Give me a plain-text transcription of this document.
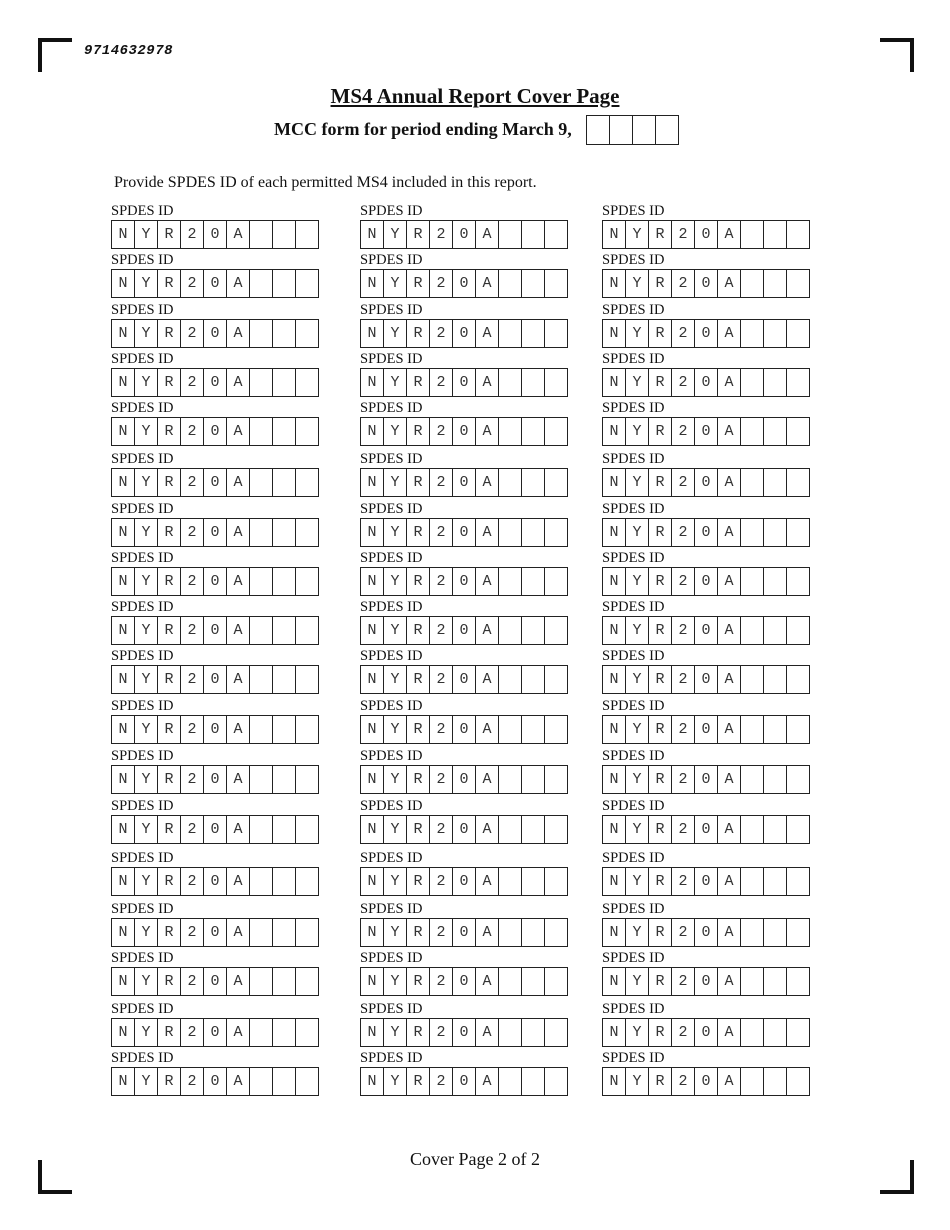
9714632978
MS4 Annual Report Cover Page
MCC form for period ending March 9,
Provide SPDES ID of each permitted MS4 included in this report.
SPDES ID
N Y R 2 0 A
SPDES ID
N Y R 2 0 A
SPDES ID
N Y R 2 0 A
SPDES ID
N Y R 2 0 A
SPDES ID
N Y R 2 0 A
SPDES ID
N Y R 2 0 A
SPDES ID
N Y R 2 0 A
SPDES ID
N Y R 2 0 A
SPDES ID
N Y R 2 0 A
SPDES ID
N Y R 2 0 A
SPDES ID
N Y R 2 0 A
SPDES ID
N Y R 2 0 A
SPDES ID
N Y R 2 0 A
SPDES ID
N Y R 2 0 A
SPDES ID
N Y R 2 0 A
SPDES ID
N Y R 2 0 A
SPDES ID
N Y R 2 0 A
SPDES ID
N Y R 2 0 A
SPDES ID
N Y R 2 0 A
SPDES ID
N Y R 2 0 A
SPDES ID
N Y R 2 0 A
SPDES ID
N Y R 2 0 A
SPDES ID
N Y R 2 0 A
SPDES ID
N Y R 2 0 A
SPDES ID
N Y R 2 0 A
SPDES ID
N Y R 2 0 A
SPDES ID
N Y R 2 0 A
SPDES ID
N Y R 2 0 A
SPDES ID
N Y R 2 0 A
SPDES ID
N Y R 2 0 A
SPDES ID
N Y R 2 0 A
SPDES ID
N Y R 2 0 A
SPDES ID
N Y R 2 0 A
SPDES ID
N Y R 2 0 A
SPDES ID
N Y R 2 0 A
SPDES ID
N Y R 2 0 A
SPDES ID
N Y R 2 0 A
SPDES ID
N Y R 2 0 A
SPDES ID
N Y R 2 0 A
SPDES ID
N Y R 2 0 A
SPDES ID
N Y R 2 0 A
SPDES ID
N Y R 2 0 A
SPDES ID
N Y R 2 0 A
SPDES ID
N Y R 2 0 A
SPDES ID
N Y R 2 0 A
SPDES ID
N Y R 2 0 A
SPDES ID
N Y R 2 0 A
SPDES ID
N Y R 2 0 A
SPDES ID
N Y R 2 0 A
SPDES ID
N Y R 2 0 A
SPDES ID
N Y R 2 0 A
SPDES ID
N Y R 2 0 A
SPDES ID
N Y R 2 0 A
SPDES ID
N Y R 2 0 A
Cover Page 2 of 2
